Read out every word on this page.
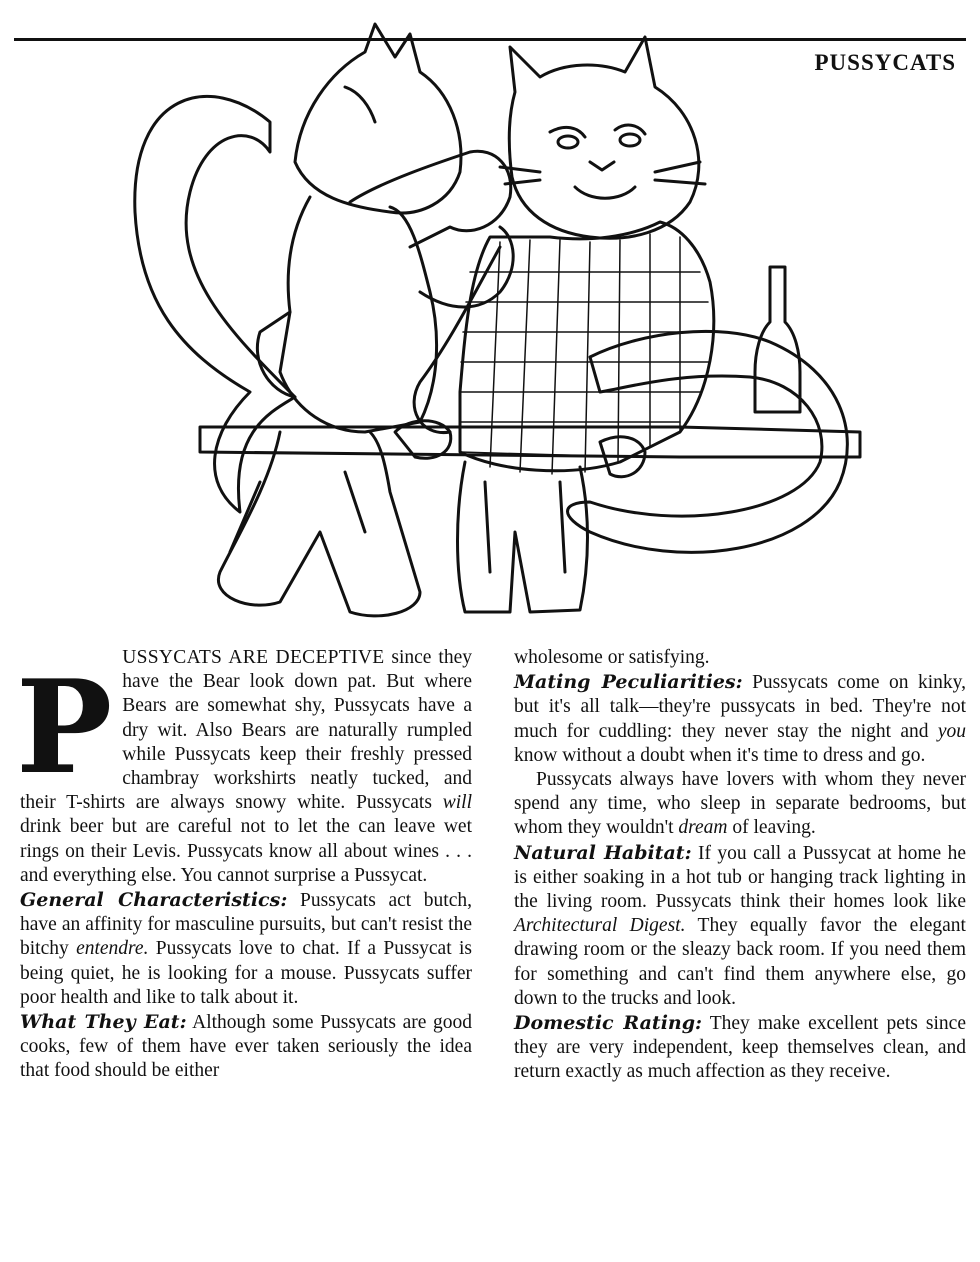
PUSSYCATS

PUSSYCATS ARE DECEPTIVE since they have the Bear look down pat. But where Bears are somewhat shy, Pussycats have a dry wit. Also Bears are naturally rumpled while Pussycats keep their freshly pressed chambray workshirts neatly tucked, and their T-shirts are always snowy white. Pussycats will drink beer but are careful not to let the can leave wet rings on their Levis. Pussycats know all about wines . . . and everything else. You cannot surprise a Pussycat.

General Characteristics: Pussycats act butch, have an affinity for masculine pursuits, but can't resist the bitchy entendre. Pussycats love to chat. If a Pussycat is being quiet, he is looking for a mouse. Pussycats suffer poor health and like to talk about it.

What They Eat: Although some Pussycats are good cooks, few of them have ever taken seriously the idea that food should be either

wholesome or satisfying.

Mating Peculiarities: Pussycats come on kinky, but it's all talk—they're pussycats in bed. They're not much for cuddling: they never stay the night and you know without a doubt when it's time to dress and go.

Pussycats always have lovers with whom they never spend any time, who sleep in separate bedrooms, but whom they wouldn't dream of leaving.

Natural Habitat: If you call a Pussycat at home he is either soaking in a hot tub or hanging track lighting in the living room. Pussycats think their homes look like Architectural Digest. They equally favor the elegant drawing room or the sleazy back room. If you need them for something and can't find them anywhere else, go down to the trucks and look.

Domestic Rating: They make excellent pets since they are very independent, keep themselves clean, and return exactly as much affection as they receive.
